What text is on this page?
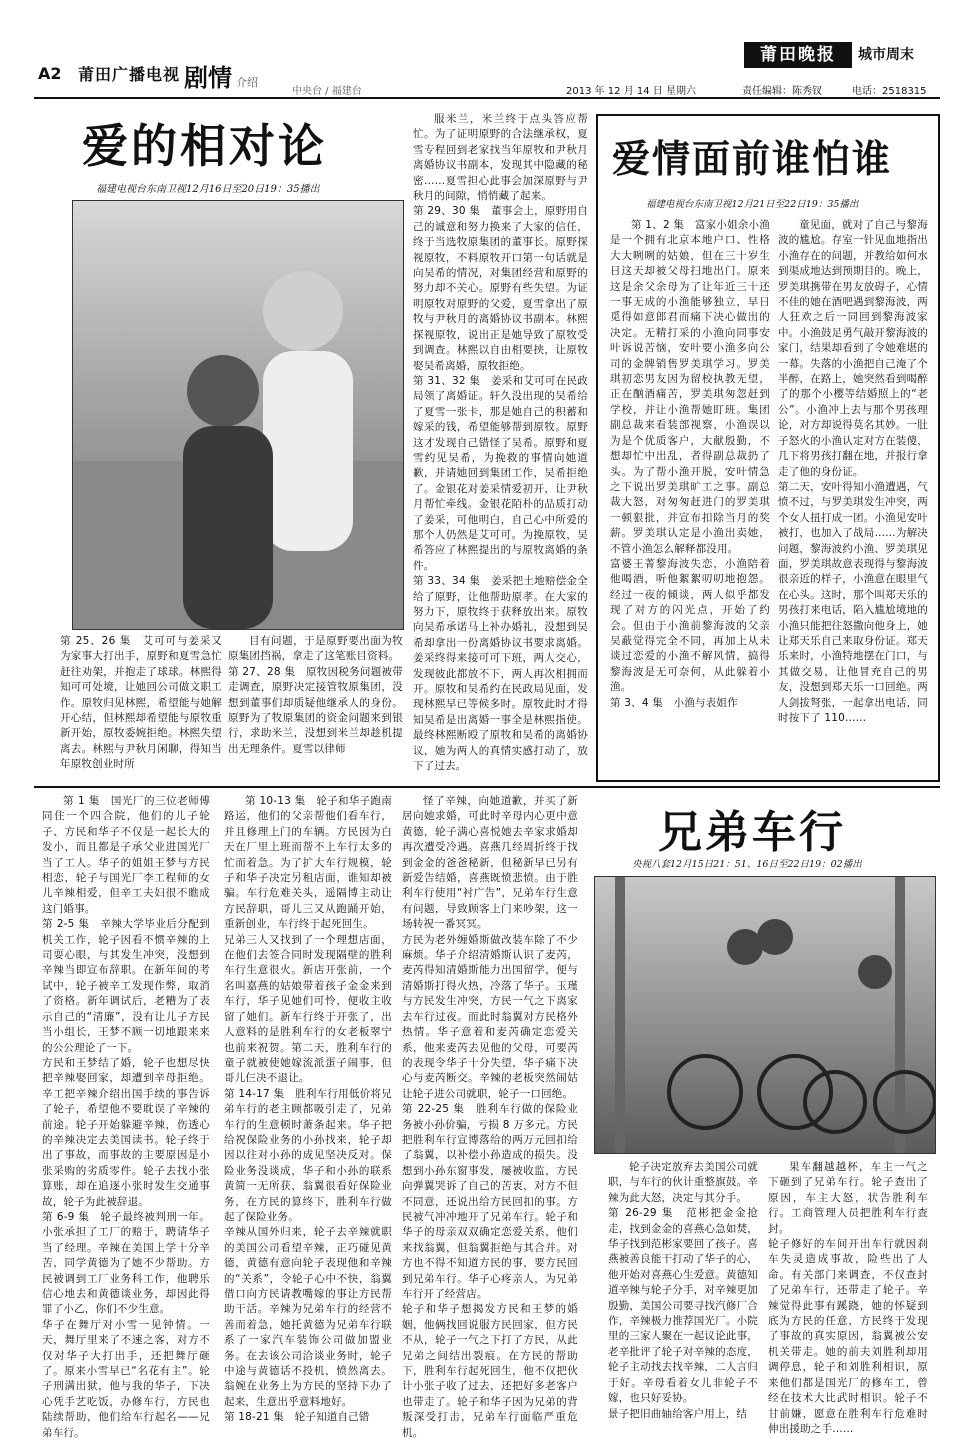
A2 莆田广播电视 剧情 介绍
中央台 / 福建台
莆田晚报	城市周末
2013 年 12 月 14 日 星期六	责任编辑：陈秀钗	电话：2518315
爱的相对论
福建电视台东南卫视12月16日至20日19：35播出
第 25、26 集　艾可可与姜采又为家事大打出手，原野和夏雪急忙赶往劝架，并抱走了球球。林熙得知可可处境，让她回公司做文职工作。原牧归见林熙，希望能与她解开心结，但林熙却希望能与原牧重新开始，原牧委婉拒绝。林熙失望离去。林熙与尹秋月闲聊，得知当年原牧创业时所

目有问题，于是原野要出面为牧原集团挡祸，拿走了这笔账目资料。
第 27、28 集　原牧因税务问题被带走调查，原野决定接管牧原集团，没想到董事们却质疑他继承人的身份。原野为了牧原集团的资金问题来到银行，求助米兰，没想到米兰却趁机提出无理条件。夏雪以律师

服米兰，米兰终于点头答应帮忙。为了证明原野的合法继承权，夏雪专程回到老家找当年原牧和尹秋月离婚协议书副本，发现其中隐藏的秘密……夏雪担心此事会加深原野与尹秋月的间隙，悄悄藏了起来。
第 29、30 集　董事会上，原野用自己的诚意和努力换来了大家的信任，终于当选牧原集团的董事长。原野探视原牧，不料原牧开口第一句话就是向吴希的情况，对集团经营和原野的努力却不关心。原野有些失望。为证明原牧对原野的父爱，夏雪拿出了原牧与尹秋月的离婚协议书副本。林熙探视原牧，说出正是她导致了原牧受到调查。林熙以自由相要挟，让原牧娶吴希离婚，原牧拒绝。
第 31、32 集　姜采和艾可可在民政局领了离婚证。轩久没出现的吴希给了夏雪一张卡，那是她自己的积蓄和嫁采的钱，希望能够帮到原牧。原野这才发现自己错怪了吴希。原野和夏雪约见吴希，为挽救的事情向她道歉，并请她回到集团工作，吴希拒绝了。金银花对姜采情爱初开，让尹秋月帮忙牵线。金银花陌朴的品质打动了姜采，可他明白，自己心中所爱的那个人仍然是艾可可。为挽原牧，吴希答应了林熙提出的与原牧离婚的条件。
第 33、34 集　姜采把土地赔偿金全给了原野，让他帮助原孝。在大家的努力下，原牧终于获释放出来。原牧向吴希承诺马上补办婚礼，没想到吴希却拿出一份离婚协议书要求离婚。姜采终得来接可可下班，两人交心，发现彼此都放不下，两人再次相拥而开。原牧和吴希约在民政局见面，发现林熙早已等候多时。原牧此时才得知吴希是出离婚一事全是林熙指使。最终林熙断殴了原牧和吴希的离婚协议，她为两人的真情实感打动了，放下了过去。

爱情面前谁怕谁
福建电视台东南卫视12月21日至22日19：35播出

第 1、2 集　富家小姐余小渔是一个拥有北京本地户口、性格大大咧咧的姑娘，但在三十岁生日这天却被父母扫地出门。原来这是余父余母为了让年近三十还一事无成的小渔能够独立，早日觅得如意郎君而痛下决心做出的决定。无精打采的小渔向同事安叶诉说苦恼，安叶要小渔多向公司的金牌销售罗美琪学习。罗美琪初恋男友因为留校执教无望，正在酗酒痛苦，罗美琪匆忽赶到学校，并让小渔帮她盯班。集团副总裁来看装部视察，小渔误以为是个优质客户，大献殷勤，不想却忙中出乱，者得副总裁扔了头。为了帮小渔开脱，安叶情急之下说出罗美琪旷工之事。副总裁大怒，对匆匆赶进门的罗美琪一顿狠批，并宣布扣除当月的奖薪。罗美琪认定是小渔出卖她，不管小渔怎么解释都没用。
富婆王菁黎海波失恋，小渔陪着他喝酒，听他絮絮叨叨地抱怨。经过一夜的倾谈，两人似乎都发现了对方的闪光点，开始了约会。但由于小渔前黎海波的父亲吴蔽觉得完全不同，再加上从未谈过恋爱的小渔不解风情，搞得黎海波是无可奈何，从此躲着小渔。
第 3、4 集　小渔与表姐作

童见面，就对了自己与黎海波的尴尬。存室一针见血地指出小渔存在的问题，并教给如何水到渠成地达到预期目的。晚上，罗美琪携带在男友放碍子，心情不佳的她在酒吧遇到黎海波，两人狂欢之后一同回到黎海波家中。小渔鼓足勇气敲开黎海波的家门，结果却看到了令她难堪的一幕。失落的小渔把自己淹了个半醉，在路上，她突然看到喝醉了的那个小樱等结婚照上的“老公”。小渔冲上去与那个男孩理论，对方却说得莫名其妙。一肚子怒火的小渔认定对方在装傻，几下将男孩打翻在地，并报行拿走了他的身份证。
第二天，安叶得知小渔遭遇，气愤不过，与罗美琪发生冲突，两个女人扭打成一团。小渔见安叶被打，也加入了战局……为解决问题，黎海波约小渔、罗美琪见面，罗美琪故意表现得与黎海波很亲近的样子，小渔意在眼里气在心头。这时，那个叫郑天乐的男孩打来电话，陷入尴尬境地的小渔只能把往怒撒向他身上，她让郑天乐自己来取身份证。郑天乐来时，小渔特地摆在门口，与其做交易，让他冒充自己的男友，没想到郑天乐一口回绝。两人剑拔弩张，一起拿出电话，同时按下了 110……

兄弟车行
央视八套12月15日21：51、16日至22日19：02播出

第 1 集　国光厂的三位老师傅同住一个四合院，他们的儿子轮子、方民和华子不仅是一起长大的发小，而且都是子承父业进国光厂当了工人。华子的姐姐王梦与方民相恋，轮子与国光厂李工程师的女儿辛辣相爱，但辛工夫妇很不瞧成这门婚事。
第 2-5 集　辛辣大学毕业后分配到机关工作，轮子因看不惯辛辣的上司耍心眼，与其发生冲突，没想到辛辣当即宣布辞职。在新年间的考试中，轮子被辛工发现作弊，取消了资格。新年调试后，老糟为了表示自己的“清廉”，没有让儿子方民当小组长，王梦不顾一切地跟来来的公公理论了一下。
方民和王梦结了婚，轮子也想尽快把辛辣娶回家，却遭到辛母拒绝。辛工把辛辣介绍出国手续的事告诉了轮子，希望他不要耽误了辛辣的前途。轮子开始躲避辛辣，伤透心的辛辣决定去美国读书。轮子终于出了事故，而事故的主要原因是小张采购的劣质零件。轮子去找小张算账，却在追逐小张时发生交通事故，轮子为此被辞退。
第 6-9 集　轮子最终被判刑一年。小张承担了工厂的赔于，聘请华子当了经理。辛辣在美国上学十分辛苦，同学黄德为了她不少帮助。方民被调到工厂业务科工作，他聘乐信心地去和黄德谈业务，却因此得罪了小乙，你们不少生意。
华子在舞厅对小雪一见钟情。一天，舞厅里来了不速之客，对方不仅对华子大打出手，还把舞厅砸了。原来小雪早已“名花有主”。轮子刑满出狱，他与我的华子，下决心凭手艺吃饭，办修车行，方民也陆续帮助，他们给车行起名——兄弟车行。

第 10-13 集　轮子和华子跑南路运，他们的父亲帮他们看车行，并且修理上门的车辆。方民因为白天在厂里上班而帮不上车行太多的忙而着急。为了扩大车行规模，轮子和华子决定另租店面，谁知却被骗。车行危难关头，遥隔博主动让方民辞职，哥儿三又从跑踊开始，重新创业，车行终于起死回生。
兄弟三人又找到了一个理想店面，在他们去签合同时发现隔壁的胜利车行生意很火。新店开张前，一个名叫嘉燕的姑娘带着孩子金金来到车行，华子见她们可怜，便收主收留了她们。新车行终于开张了，出人意料的是胜利车行的女老板翠宁也前来祝贺。第二天，胜利车行的童子就被使她嫁流派蛋子闹事，但哥儿仨决不退让。
第 14-17 集　胜利车行用低价将兄弟车行的老主顾都吸引走了，兄弟车行的生意顿时萧条起来。华子把给祝保险业务的小孙找来，轮子却因以往对小孙的成见坚决反对。保险业务没谈成，华子和小孙的联系黄简一无所获，翁翼很看好保险业务，在方民的算终下，胜利车行做起了保险业务。
辛辣从国外归来，轮子去辛辣就职的美国公司看望辛辣，正巧碰见黄德，黄德有意向轮子表现他和辛辣的“关系”，令轮子心中不快，翁翼借口向方民请教嘴嫁的事让方民帮助干活。辛辣为兄弟车行的经营不善而着急，她托黄德为兄弟车行联系了一家汽车装饰公司做加盟业务。在去该公司洽谈业务时，轮子中途与黄德话不投机，愤然离去。翁婉在业务上为方民的坚持下办了起来，生意出乎意料地好。
第 18-21 集　轮子知道自己错

怪了辛辣，向她道歉，并买了新居向她求婚，可此时辛母内心更中意黄德，轮子满心喜悦她去辛家求婚却再次遭受冷遇。喜燕几经周折终于找到金金的爸爸秘新，但秘新早已另有新爱告结婚，喜燕既愤悲愤。由于胜利车行使用“衬广告”，兄弟车行生意有问题，导致顾客上门来吵架，这一场转祝一番冥冥。
方民为老外缠婚斯做改装车除了不少麻烦。华子介绍清婚斯认识了麦芮，麦芮得知清婚斯能力出国留学，便与清婚斯打得火热，冷落了华子。玉瑾与方民发生冲突，方民一气之下离家去车行过夜。而此时翁翼对方民格外热情。华子意着和麦芮确定恋爱关系，他来麦芮去见他的父母，可要芮的表现令华子十分失望，华子痛下决心与麦芮断交。辛辣的老板突然闹姑让轮子进公司就职，轮子一口回绝。
第 22-25 集　胜利车行做的保险业务被小孙价骗，亏损 8 万多元。方民把胜利车行宣博落给的两万元回扣给了翁翼，以补偿小孙造成的损失。没想到小孙东窗事发，屡被收监，方民向弹翼哭诉了自己的苦衷，对方不但不同意，还说出给方民回扣的事。方民被气冲冲地开了兄弟车行。轮子和华子的母亲双双确定恋爱关系，他们来找翁翼，但翁翼拒绝与其合并。对方也不得不知道方民的事，要方民回到兄弟车行。华子心疼亲人，为兄弟车行开了经营店。
轮子和华子想揭发方民和王梦的婚姻，他俩找回说服方民回家，但方民不从，轮子一气之下打了方民，从此兄弟之间结出裂痕。在方民的帮助下，胜利车行起死回生，他不仅把伙计小张子收了过去，还把好多老客户也带走了。轮子和华子因为兄弟的背叛深受打击，兄弟车行面临严重危机。

轮子决定放弃去美国公司就职，与车行的伙计重整旗鼓。辛辣为此大怒，决定与其分手。
第 26-29 集　范彬把金金抢走，找到金金的喜燕心急如焚，华子找到范彬家要回了孩子。喜燕被善良能干打动了华子的心，他开始对喜燕心生爱意。黄德知道辛辣与轮子分手，对辛辣更加殷勤，美国公司要寻找汽修厂合作，辛辣极力推荐国光厂。小院里的三家人聚在一起议论此事，老辛批评了轮子对辛辣的态度，轮子主动找去找辛辣，二人言归于好。辛母看着女儿非轮子不嫁，也只好妥协。
景子把旧曲轴给客户用上，结

果车翻越越杯，车主一气之下砸到了兄弟车行。轮子查出了原因，车主大怒，状告胜利车行。工商管理人员把胜利车行查封。
轮子修好的车间开出车行就因刹车失灵造成事故，险些出了人命。有关部门来调查，不仅查封了兄弟车行，还带走了轮子。辛辣觉得此事有蹊跷，她的怀疑到底为方民的任意，方民终于发现了事故的真实原因，翁翼被公安机关带走。她的前夫刘胜利却用调停息，轮子和刘胜利相识，原来他们都是国光厂的修车工，曾经在技术大比武时相识。轮子不甘前嫌，愿意在胜利车行危难时伸出援助之手……
